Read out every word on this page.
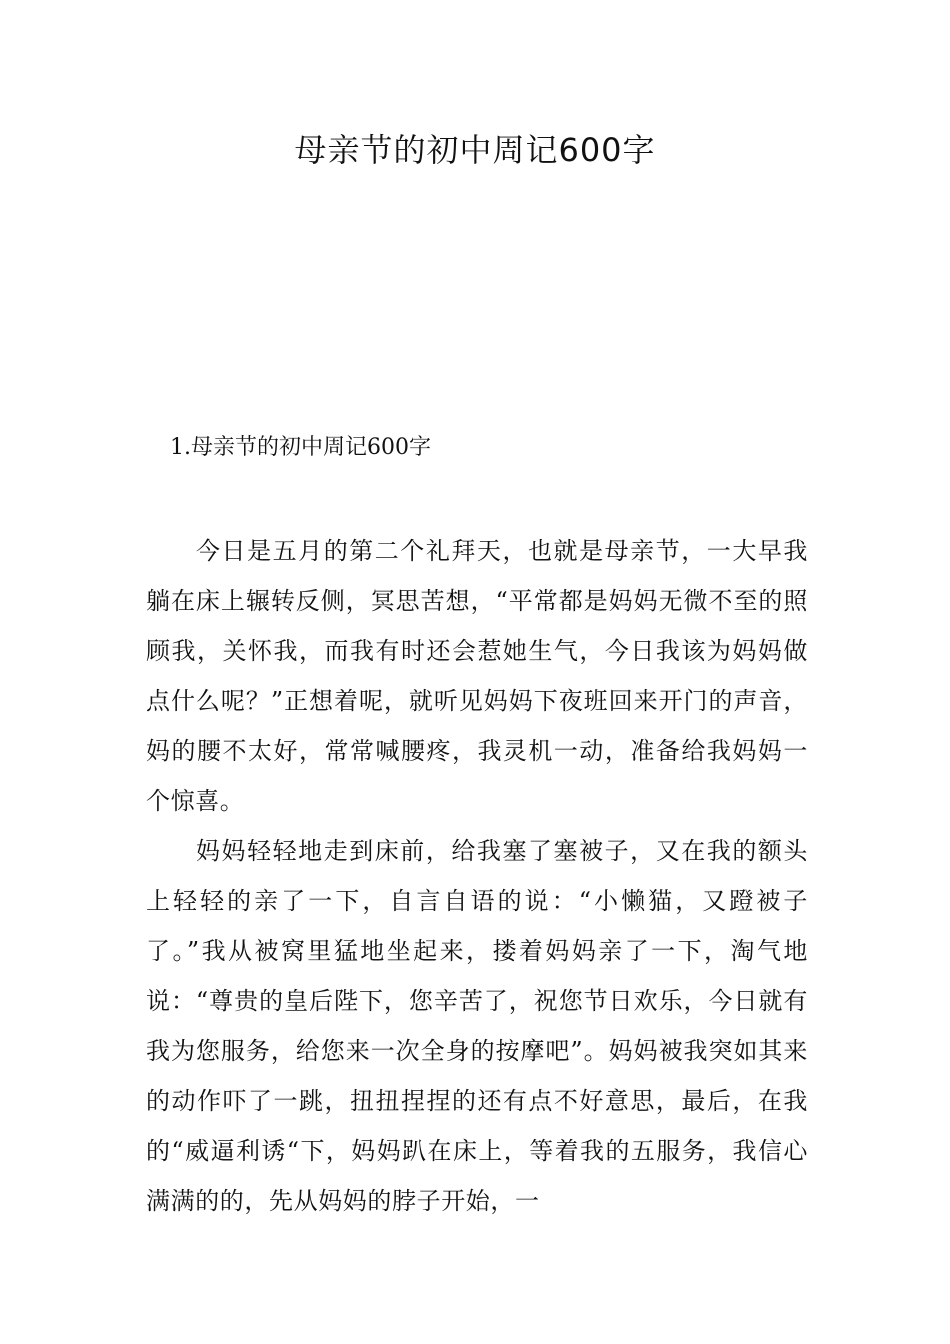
母亲节的初中周记600字
1.母亲节的初中周记600字

今日是五月的第二个礼拜天，也就是母亲节，一大早我躺在床上辗转反侧，冥思苦想，“平常都是妈妈无微不至的照顾我，关怀我，而我有时还会惹她生气，今日我该为妈妈做点什么呢？”正想着呢，就听见妈妈下夜班回来开门的声音，妈的腰不太好，常常喊腰疼，我灵机一动，准备给我妈妈一个惊喜。

妈妈轻轻地走到床前，给我塞了塞被子，又在我的额头上轻轻的亲了一下，自言自语的说：“小懒猫，又蹬被子了。”我从被窝里猛地坐起来，搂着妈妈亲了一下，淘气地说：“尊贵的皇后陛下，您辛苦了，祝您节日欢乐，今日就有我为您服务，给您来一次全身的按摩吧”。妈妈被我突如其来的动作吓了一跳，扭扭捏捏的还有点不好意思，最后，在我的“威逼利诱“下，妈妈趴在床上，等着我的五服务，我信心满满的的，先从妈妈的脖子开始，一
